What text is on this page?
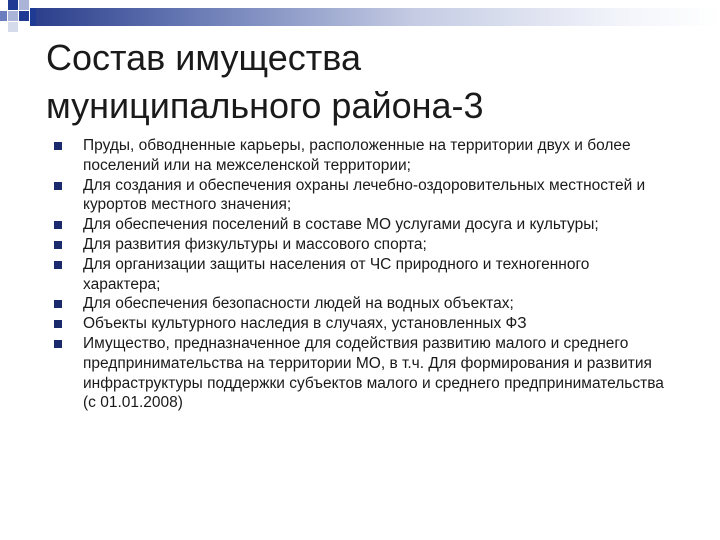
Состав имущества
муниципального района-3
Пруды, обводненные карьеры, расположенные на территории двух и более поселений или на межселенской территории;
Для создания и обеспечения охраны лечебно-оздоровительных местностей и курортов местного значения;
Для обеспечения поселений в составе МО услугами досуга и культуры;
Для развития физкультуры и массового спорта;
Для организации защиты населения от ЧС природного и техногенного характера;
Для обеспечения безопасности людей на водных объектах;
Объекты культурного наследия в случаях, установленных ФЗ
Имущество, предназначенное для содействия развитию малого и среднего предпринимательства на территории МО, в т.ч. Для формирования и развития инфраструктуры поддержки субъектов малого и среднего предпринимательства (с 01.01.2008)
